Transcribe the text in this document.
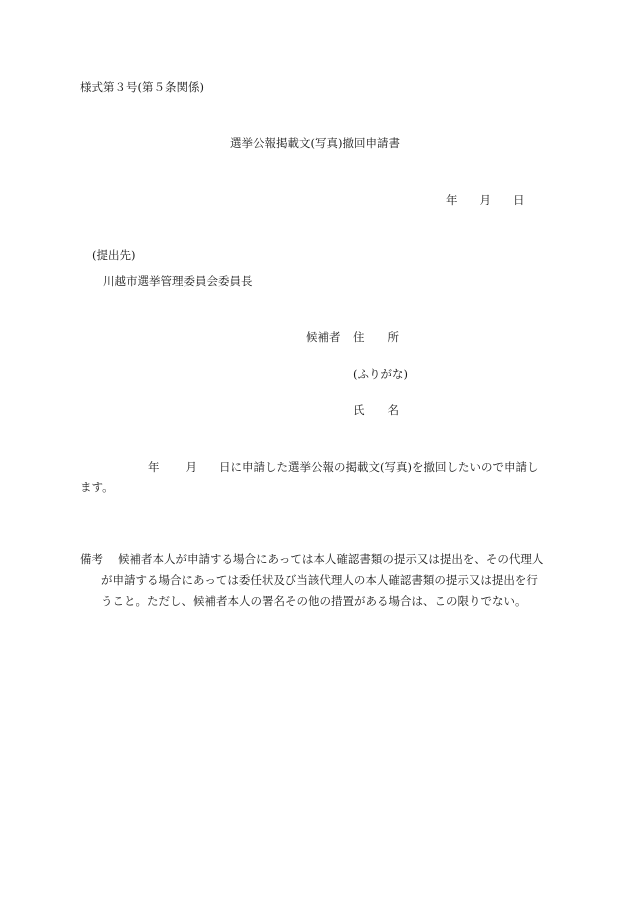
様式第３号(第５条関係)
選挙公報掲載文(写真)撤回申請書
年 月 日
(提出先)
川越市選挙管理委員会委員長
候補者 住　　所
(ふりがな)
氏　　名
年 月 日に申請した選挙公報の掲載文(写真)を撤回したいので申請し
ます。
備考 候補者本人が申請する場合にあっては本人確認書類の提示又は提出を、その代理人
が申請する場合にあっては委任状及び当該代理人の本人確認書類の提示又は提出を行
うこと。ただし、候補者本人の署名その他の措置がある場合は、この限りでない。
